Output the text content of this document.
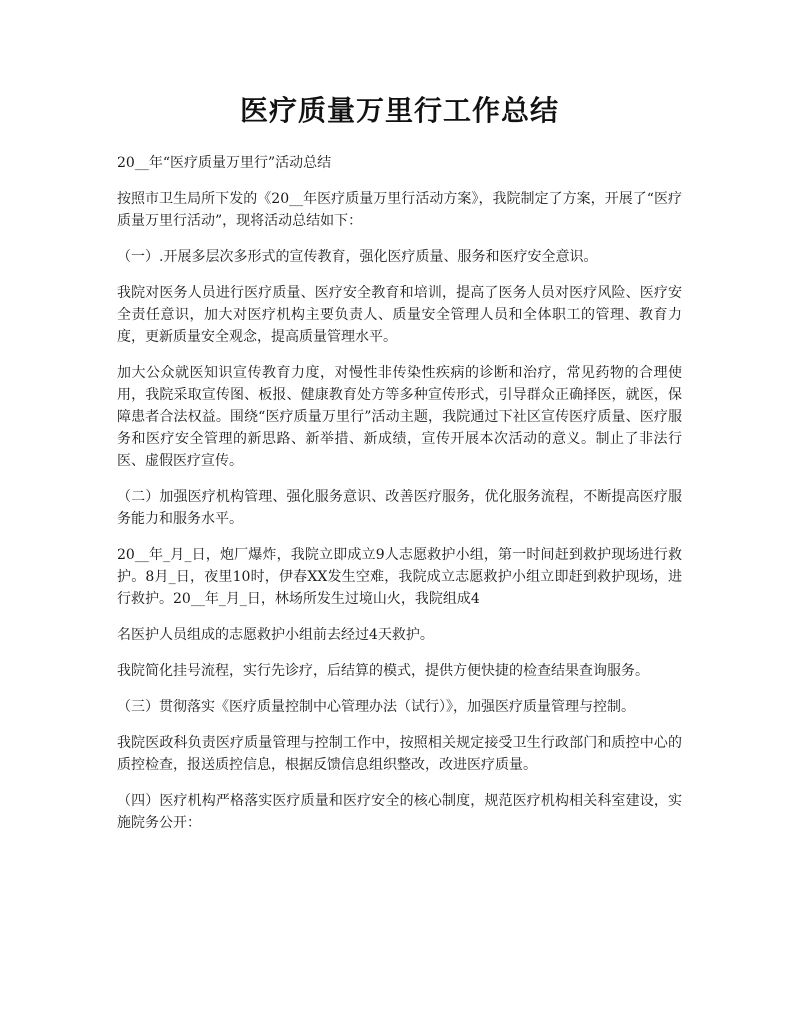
医疗质量万里行工作总结

20__年“医疗质量万里行”活动总结

按照市卫生局所下发的《20__年医疗质量万里行活动方案》，我院制定了方案，开展了“医疗质量万里行活动”，现将活动总结如下：

（一）.开展多层次多形式的宣传教育，强化医疗质量、服务和医疗安全意识。

我院对医务人员进行医疗质量、医疗安全教育和培训，提高了医务人员对医疗风险、医疗安全责任意识，加大对医疗机构主要负责人、质量安全管理人员和全体职工的管理、教育力度，更新质量安全观念，提高质量管理水平。

加大公众就医知识宣传教育力度，对慢性非传染性疾病的诊断和治疗，常见药物的合理使用，我院采取宣传图、板报、健康教育处方等多种宣传形式，引导群众正确择医，就医，保障患者合法权益。围绕“医疗质量万里行”活动主题，我院通过下社区宣传医疗质量、医疗服务和医疗安全管理的新思路、新举措、新成绩，宣传开展本次活动的意义。制止了非法行医、虚假医疗宣传。

（二）加强医疗机构管理、强化服务意识、改善医疗服务，优化服务流程，不断提高医疗服务能力和服务水平。

20__年_月_日，炮厂爆炸，我院立即成立9人志愿救护小组，第一时间赶到救护现场进行救护。8月_日，夜里10时，伊春XX发生空难，我院成立志愿救护小组立即赶到救护现场，进行救护。20__年_月_日，林场所发生过境山火，我院组成4

名医护人员组成的志愿救护小组前去经过4天救护。

我院简化挂号流程，实行先诊疗，后结算的模式，提供方便快捷的检查结果查询服务。

（三）贯彻落实《医疗质量控制中心管理办法（试行）》，加强医疗质量管理与控制。

我院医政科负责医疗质量管理与控制工作中，按照相关规定接受卫生行政部门和质控中心的质控检查，报送质控信息，根据反馈信息组织整改，改进医疗质量。

（四）医疗机构严格落实医疗质量和医疗安全的核心制度，规范医疗机构相关科室建设，实施院务公开：
